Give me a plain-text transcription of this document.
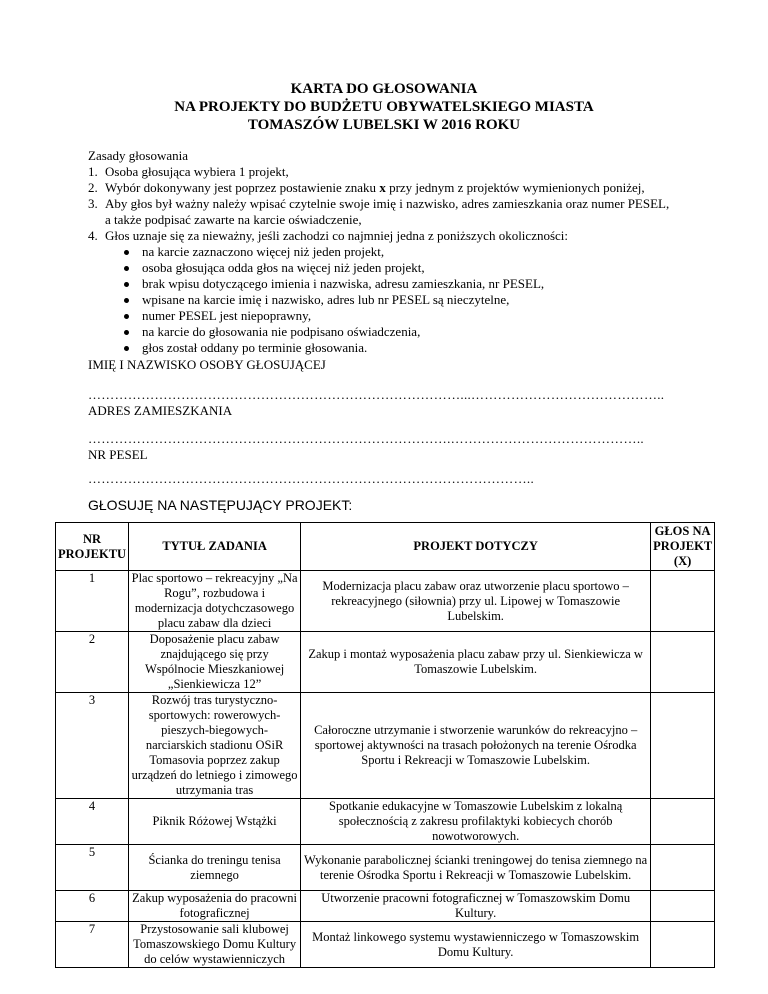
KARTA DO GŁOSOWANIA
NA PROJEKTY DO BUDŻETU OBYWATELSKIEGO MIASTA
TOMASZÓW LUBELSKI W 2016 ROKU
Zasady głosowania
1. Osoba głosująca wybiera 1 projekt,
2. Wybór dokonywany jest poprzez postawienie znaku x przy jednym z projektów wymienionych poniżej,
3. Aby głos był ważny należy wpisać czytelnie swoje imię i nazwisko, adres zamieszkania oraz numer PESEL,
a także podpisać zawarte na karcie oświadczenie,
4. Głos uznaje się za nieważny, jeśli zachodzi co najmniej jedna z poniższych okoliczności:
na karcie zaznaczono więcej niż jeden projekt,
osoba głosująca odda głos na więcej niż jeden projekt,
brak wpisu dotyczącego imienia i nazwiska, adresu zamieszkania, nr PESEL,
wpisane na karcie imię i nazwisko, adres lub nr PESEL są nieczytelne,
numer PESEL jest niepoprawny,
na karcie do głosowania nie podpisano oświadczenia,
głos został oddany po terminie głosowania.
IMIĘ I NAZWISKO OSOBY GŁOSUJĄCEJ
…………………………………………………………………………...……………………………………..
ADRES ZAMIESZKANIA
……………………………………………………………………….……………………………………..
NR PESEL
………………………………………………………………………………………..
GŁOSUJĘ NA NASTĘPUJĄCY PROJEKT:
NR PROJEKTU	TYTUŁ ZADANIA	PROJEKT DOTYCZY	GŁOS NA PROJEKT (X)
1	Plac sportowo – rekreacyjny „Na Rogu”, rozbudowa i modernizacja dotychczasowego placu zabaw dla dzieci	Modernizacja placu zabaw oraz utworzenie placu sportowo – rekreacyjnego (siłownia) przy ul. Lipowej w Tomaszowie Lubelskim.	
2	Doposażenie placu zabaw znajdującego się przy Wspólnocie Mieszkaniowej „Sienkiewicza 12”	Zakup i montaż wyposażenia placu zabaw przy ul. Sienkiewicza w Tomaszowie Lubelskim.	
3	Rozwój tras turystyczno-sportowych: rowerowych-pieszych-biegowych-narciarskich stadionu OSiR Tomasovia poprzez zakup urządzeń do letniego i zimowego utrzymania tras	Całoroczne utrzymanie i stworzenie warunków do rekreacyjno –sportowej aktywności na trasach położonych na terenie Ośrodka Sportu i Rekreacji w Tomaszowie Lubelskim.	
4	Piknik Różowej Wstążki	Spotkanie edukacyjne w Tomaszowie Lubelskim z lokalną społecznością z zakresu profilaktyki kobiecych chorób nowotworowych.	
5	Ścianka do treningu tenisa ziemnego	Wykonanie parabolicznej ścianki treningowej do tenisa ziemnego na terenie Ośrodka Sportu i Rekreacji w Tomaszowie Lubelskim.	
6	Zakup wyposażenia do pracowni fotograficznej	Utworzenie pracowni fotograficznej w Tomaszowskim Domu Kultury.	
7	Przystosowanie sali klubowej Tomaszowskiego Domu Kultury do celów wystawienniczych	Montaż linkowego systemu wystawienniczego w Tomaszowskim Domu Kultury.	
